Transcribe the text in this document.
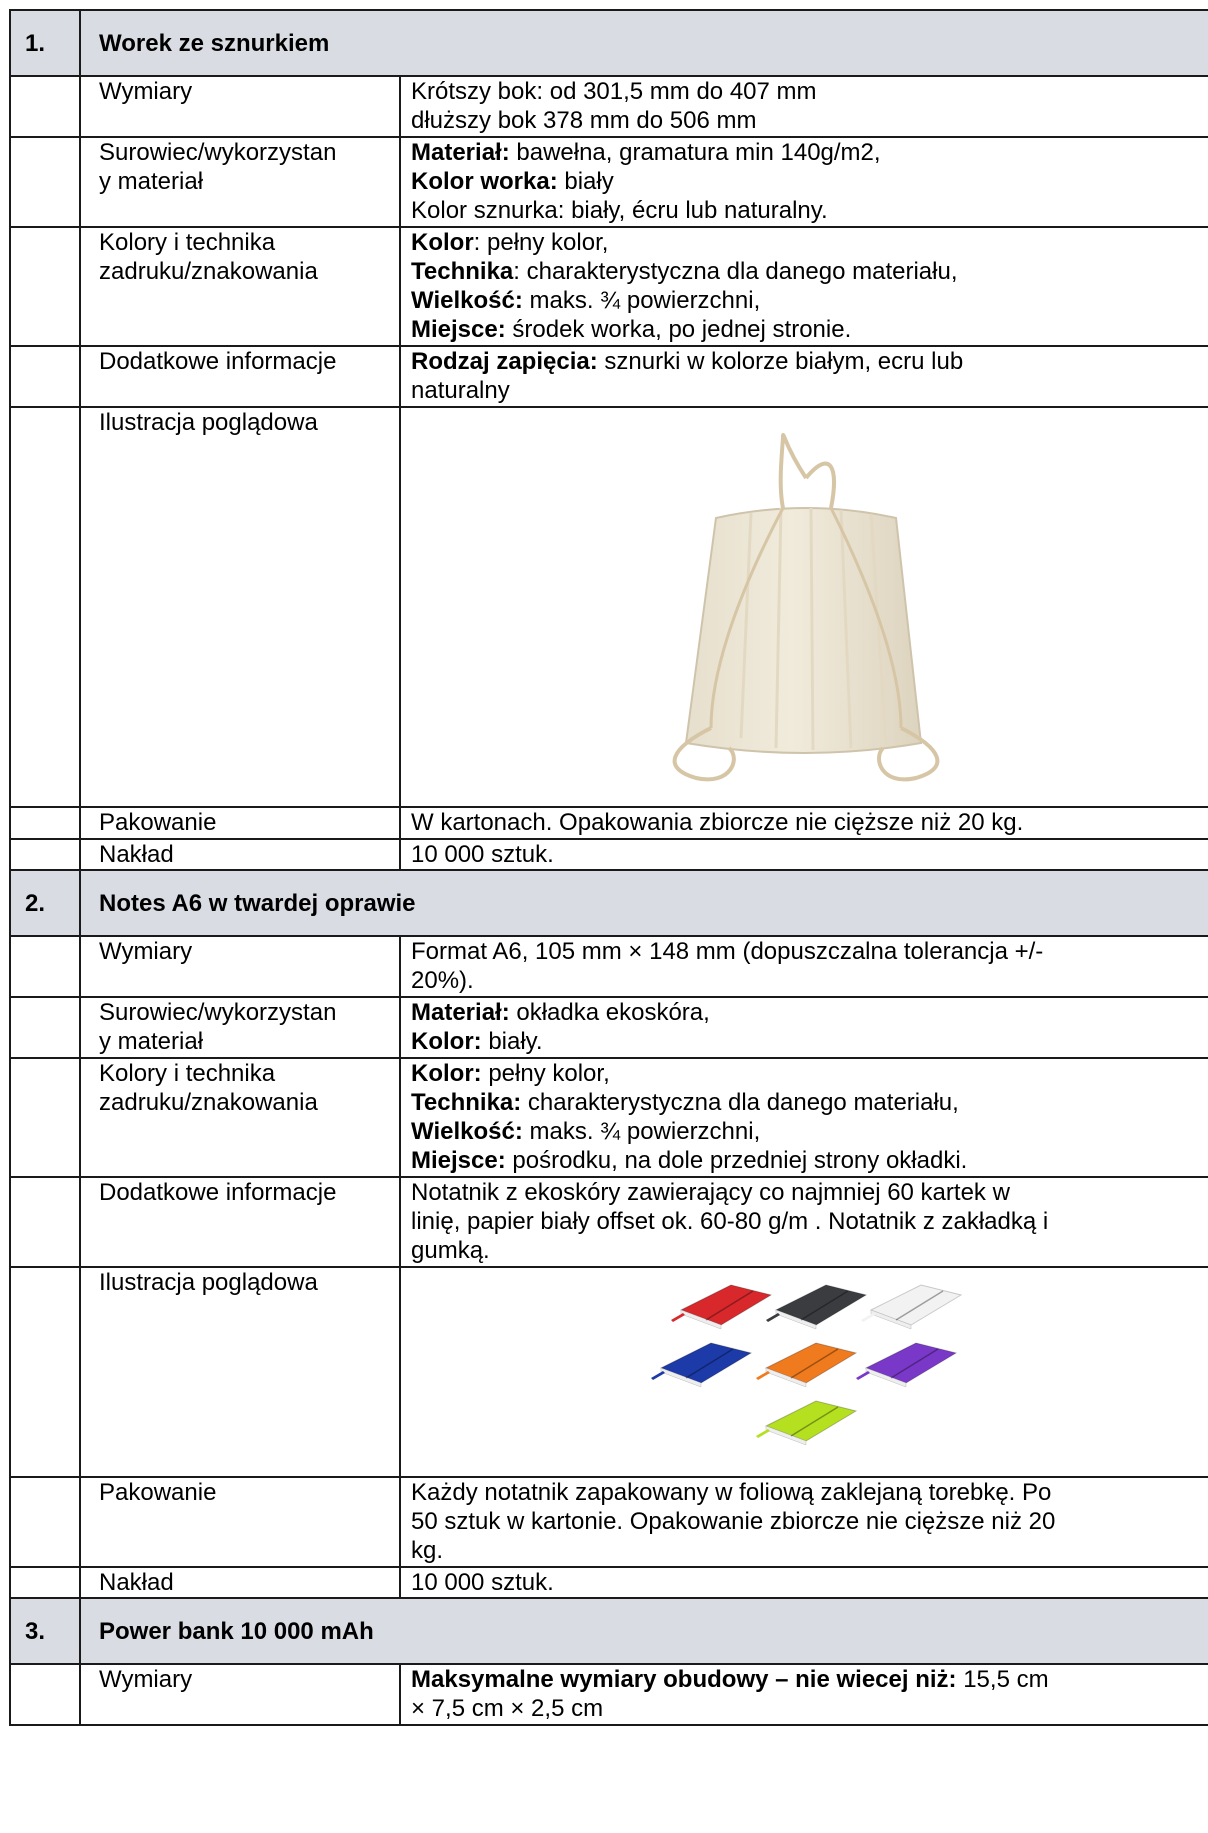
1.	Worek ze sznurkiem	
	Wymiary	Krótszy bok: od 301,5 mm do 407 mm
dłuższy bok 378 mm do 506 mm

	Surowiec/wykorzystan
y materiał	Materiał: bawełna, gramatura min 140g/m2,
Kolor worka: biały
Kolor sznurka: biały, écru lub naturalny.

	Kolory i technika
zadruku/znakowania	Kolor: pełny kolor,
Technika: charakterystyczna dla danego materiału,
Wielkość: maks. ¾ powierzchni,
Miejsce: środek worka, po jednej stronie.

	Dodatkowe informacje	Rodzaj zapięcia: sznurki w kolorze białym, ecru lub
naturalny

	Ilustracja poglądowa	

	Pakowanie	W kartonach. Opakowania zbiorcze nie cięższe niż 20 kg.
	Nakład	10 000 sztuk.
2.	Notes A6 w twardej oprawie	
	Wymiary	Format A6, 105 mm × 148 mm (dopuszczalna tolerancja +/-
20%).

	Surowiec/wykorzystan
y materiał	Materiał: okładka ekoskóra,
Kolor: biały.

	Kolory i technika
zadruku/znakowania	Kolor: pełny kolor,
Technika: charakterystyczna dla danego materiału,
Wielkość: maks. ¾ powierzchni,
Miejsce: pośrodku, na dole przedniej strony okładki.

	Dodatkowe informacje	Notatnik z ekoskóry zawierający co najmniej 60 kartek w
linię, papier biały offset ok. 60-80 g/m . Notatnik z zakładką i
gumką.

	Ilustracja poglądowa	

	Pakowanie	Każdy notatnik zapakowany w foliową zaklejaną torebkę. Po
50 sztuk w kartonie. Opakowanie zbiorcze nie cięższe niż 20
kg.

	Nakład	10 000 sztuk.
3.	Power bank 10 000 mAh	
	Wymiary	Maksymalne wymiary obudowy – nie wiecej niż: 15,5 cm
× 7,5 cm × 2,5 cm
